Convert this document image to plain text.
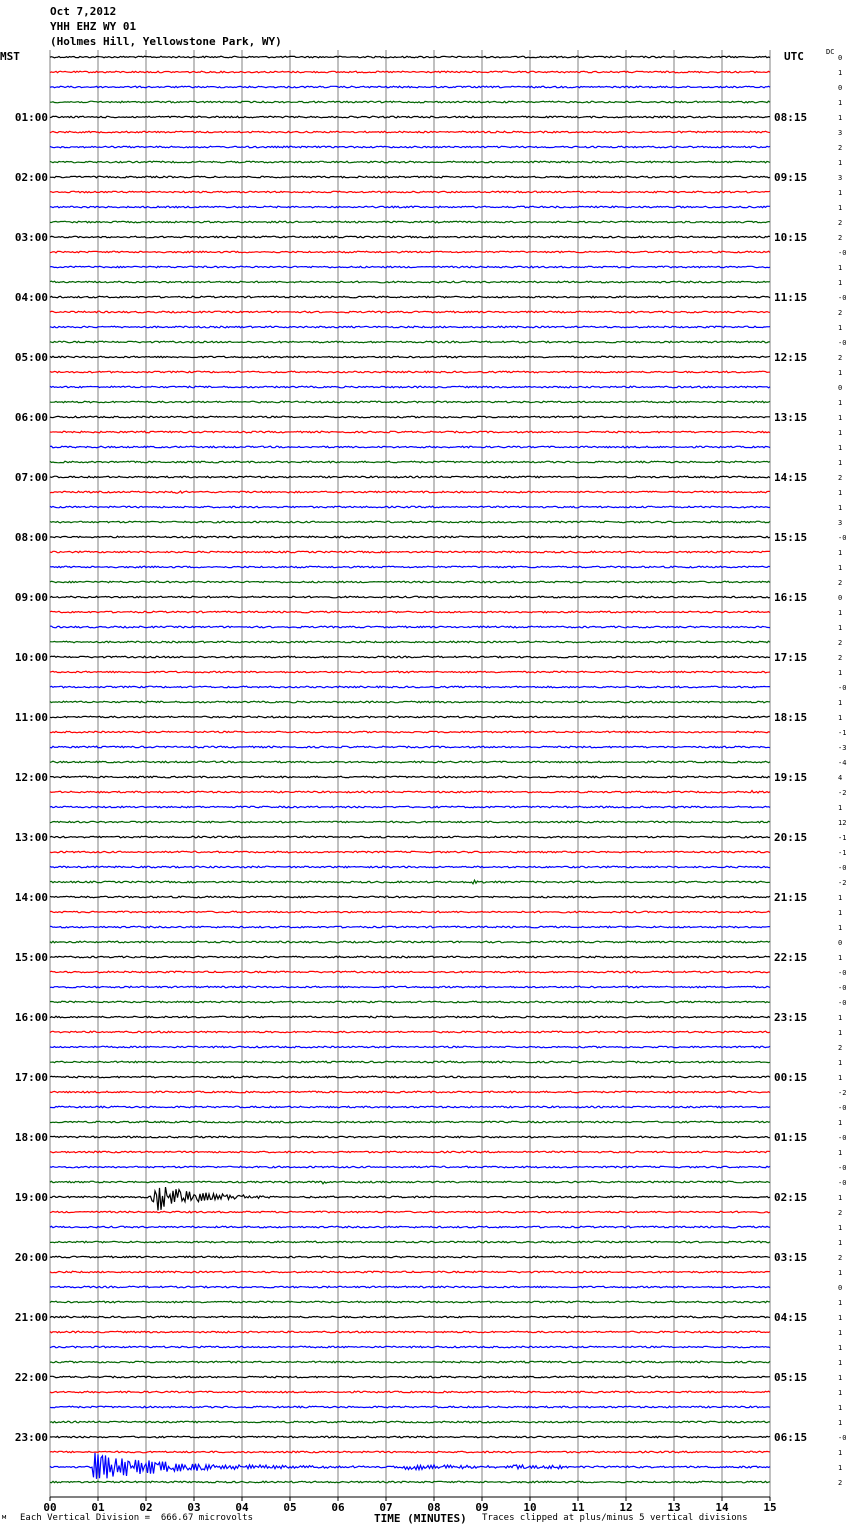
Oct 7,2012
YHH EHZ WY 01
(Holmes Hill, Yellowstone Park, WY)
MST	UTC	DC
00	01	02	03	04	05	06	07	08	09	10	11	12	13	14	15
0
1
0
1
1
01:00	08:15
3
2
1
3
02:00	09:15
1
1
2
2
03:00	10:15
-0
1
1
-0
04:00	11:15
2
1
-0
2
05:00	12:15
1
0
1
1
06:00	13:15
1
1
1
2
07:00	14:15
1
1
3
-0
08:00	15:15
1
1
2
0
09:00	16:15
1
1
2
2
10:00	17:15
1
-0
1
1
11:00	18:15
-1
-3
-4
4
12:00	19:15
-2
1
12
-1
13:00	20:15
-1
-0
-2
1
14:00	21:15
1
1
0
1
15:00	22:15
-0
-0
-0
1
16:00	23:15
1
2
1
1
17:00	00:15
-2
-0
1
-0
18:00	01:15
1
-0
-0
1
19:00	02:15
2
1
1
2
20:00	03:15
1
0
1
1
21:00	04:15
1
1
1
1
22:00	05:15
1
1
1
-0
23:00	06:15
1
1
2
м Each Vertical Division =  666.67 microvolts	TIME (MINUTES) Traces clipped at plus/minus 5 vertical divisions
